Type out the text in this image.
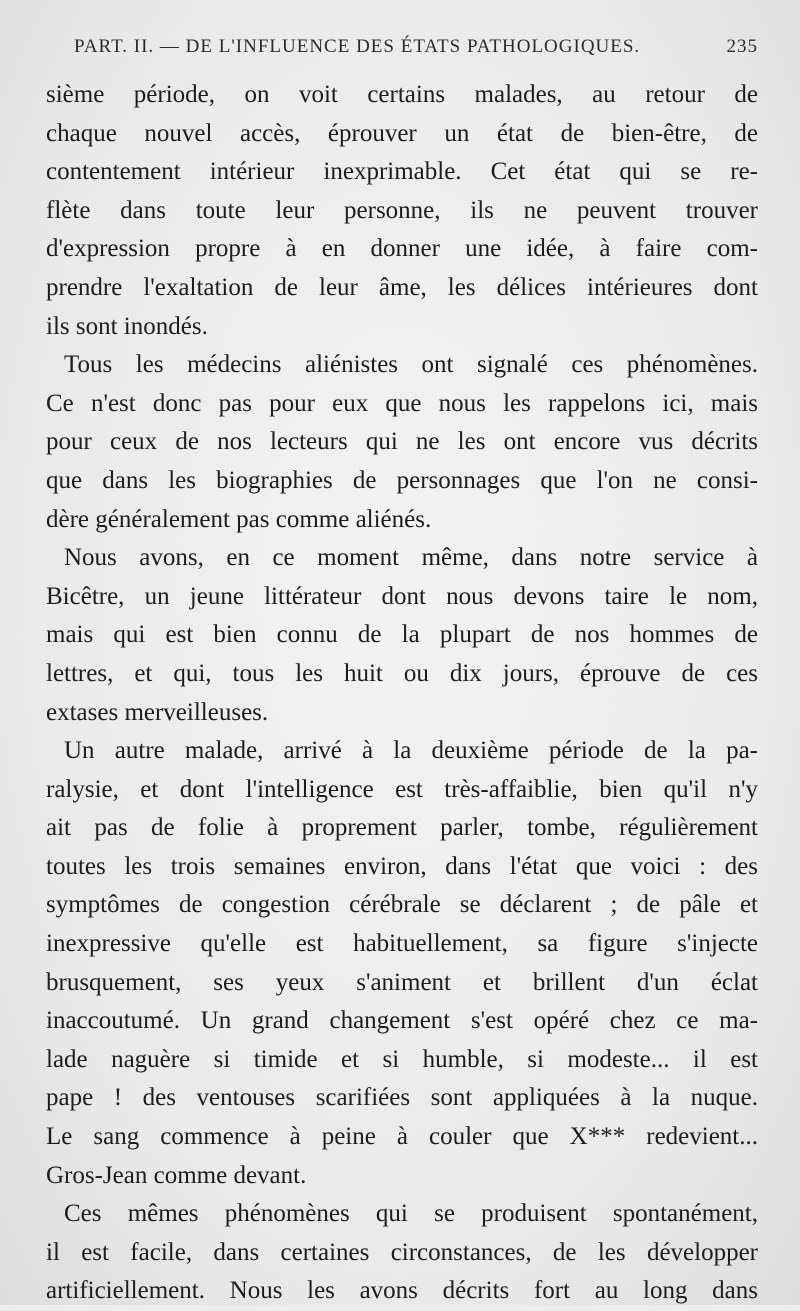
PART. II. — DE L'INFLUENCE DES ÉTATS PATHOLOGIQUES.	235
sième période, on voit certains malades, au retour de
chaque nouvel accès, éprouver un état de bien-être, de
contentement intérieur inexprimable. Cet état qui se re-
flète dans toute leur personne, ils ne peuvent trouver
d'expression propre à en donner une idée, à faire com-
prendre l'exaltation de leur âme, les délices intérieures dont
ils sont inondés.
Tous les médecins aliénistes ont signalé ces phénomènes.
Ce n'est donc pas pour eux que nous les rappelons ici, mais
pour ceux de nos lecteurs qui ne les ont encore vus décrits
que dans les biographies de personnages que l'on ne consi-
dère généralement pas comme aliénés.
Nous avons, en ce moment même, dans notre service à
Bicêtre, un jeune littérateur dont nous devons taire le nom,
mais qui est bien connu de la plupart de nos hommes de
lettres, et qui, tous les huit ou dix jours, éprouve de ces
extases merveilleuses.
Un autre malade, arrivé à la deuxième période de la pa-
ralysie, et dont l'intelligence est très-affaiblie, bien qu'il n'y
ait pas de folie à proprement parler, tombe, régulièrement
toutes les trois semaines environ, dans l'état que voici : des
symptômes de congestion cérébrale se déclarent ; de pâle et
inexpressive qu'elle est habituellement, sa figure s'injecte
brusquement, ses yeux s'animent et brillent d'un éclat
inaccoutumé. Un grand changement s'est opéré chez ce ma-
lade naguère si timide et si humble, si modeste... il est
pape ! des ventouses scarifiées sont appliquées à la nuque.
Le sang commence à peine à couler que X*** redevient...
Gros-Jean comme devant.
Ces mêmes phénomènes qui se produisent spontanément,
il est facile, dans certaines circonstances, de les développer
artificiellement. Nous les avons décrits fort au long dans
